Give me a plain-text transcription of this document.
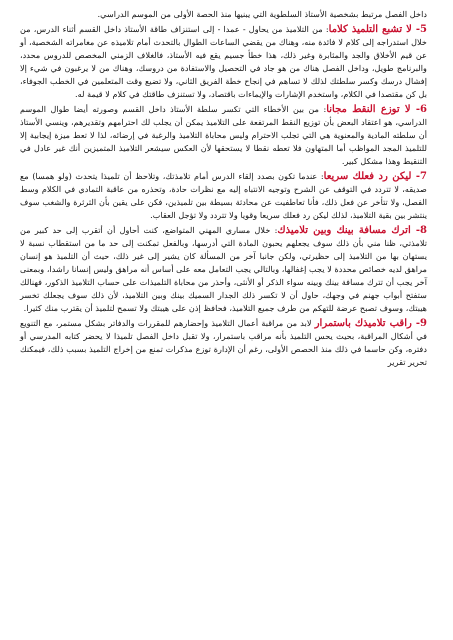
داخل الفصل مرتبط بشخصية الأستاذ السلطوية التي يبنيها منذ الحصة الأولى من الموسم الدراسي.

5- لا تشبع التلميذ كلاما: من التلاميذ من يحاول - عمدا - إلى استنزاف طاقة الأستاذ داخل القسم أثناء الدرس، من خلال استدراجه إلى كلام لا فائدة منه، وهناك من يقضي الساعات الطوال بالتحدث أمام تلاميذه عن مغامراته الشخصية، أو عن قيم الأخلاق والجد والمثابرة وغير ذلك، هذا خطأ جسيم يقع فيه الأستاذ، فالغلاف الزمني المخصص للدروس محدد، والبرنامج طويل، وداخل الفصل هناك من هو جاد في التحصيل والاستفادة من دروسك، وهناك من لا يرغبون في شيء إلا إفشال درسك وكسر سلطتك لذلك لا تساهم في إنجاح خطة الفريق الثاني، ولا تضيع وقت المتعلمين في الخطب الجوفاء، بل كن مقتصدا في الكلام، واستخدم الإشارات والإيماءات باقتصاد، ولا تستنزف طاقتك في كلام لا قيمة له.

6- لا توزع النقط مجانا: من بين الأخطاء التي تكسر سلطة الأستاذ داخل القسم وصورته أيضا طوال الموسم الدراسي، هو اعتقاد البعض بأن توزيع النقط المرتفعة على التلاميذ يمكن أن يجلب لك احترامهم وتقديرهم، وينسي الأستاذ أن سلطته المادية والمعنوية هي التي تجلب الاحترام وليس محاباة التلاميذ والرغبة في إرضائه، لذا لا تعط ميزة إيجابية إلا للتلميذ المجد المواظب أما المتهاون فلا تعطه نقطا لا يستحقها لأن العكس سيشعر التلاميذ المتميزين أنك غير عادل في التنقيط وهذا مشكل كبير.

7- ليكن رد فعلك سريعا: عندما تكون بصدد إلقاء الدرس أمام تلامذتك، وتلاحظ أن تلميذا يتحدث (ولو همسا) مع صديقه، لا تتردد في التوقف عن الشرح وتوجيه الانتباه إليه مع نظرات حادة، وتحذره من عاقبة التمادي في الكلام وسط الفصل، ولا تتأخر عن فعل ذلك، فأنا تعاطفيت عن محادثة بسيطة بين تلميذين، فكن على يقين بأن الثرثرة والشغب سوف ينتشر بين بقية التلاميذ، لذلك ليكن رد فعلك سريعا وقويا ولا تتردد ولا تؤجل العقاب.

8- اترك مسافة بينك وبين تلاميذك: خلال مساري المهني المتواضع، كنت أحاول أن أتقرب إلى حد كبير من تلامذتي، ظنا مني بأن ذلك سوف يجعلهم يحبون المادة التي أدرسها، وبالفعل تمكنت إلى حد ما من استقطاب نسبة لا يستهان بها من التلاميذ إلى حظيرتي، ولكن جانبا آخر من المسألة كان يشير إلى غير ذلك، حيث أن التلميذ هو إنسان مراهق لديه خصائص محددة لا يجب إغفالها، وبالتالي يجب التعامل معه على أساس أنه مراهق وليس إنسانا راشدا، وبمعنى آخر يجب أن تترك مسافة بينك وبينه سواء الذكر أو الأنثى، وأحذر من محاباة التلميذات على حساب التلاميذ الذكور، فهنالك ستفتح أبواب جهنم في وجهك، حاول أن لا تكسر ذلك الجدار السميك بينك وبين التلاميذ، لأن ذلك سوف يجعلك تخسر هيبتك، وسوف تصبح عرضة للتهكم من طرف جميع التلاميذ، فحافظ إذن على هيبتك ولا تسمح لتلميذ أن يقترب منك كثيرا.

9- راقب تلاميذك باستمرار لابد من مراقبة أعمال التلاميذ وإحضارهم للمقررات والدفاتر بشكل مستمر، مع التنويع في أشكال المراقبة، بحيث يحس التلميذ بأنه مراقب باستمرار، ولا تقبل داخل الفصل تلميذا لا يحضر كتابه المدرسي أو دفتره، وكن حاسما في ذلك منذ الحصص الأولى، رغم أن الإدارة توزع مذكرات تمنع من إخراج التلميذ بسبب ذلك، فيمكنك تحرير تقرير
